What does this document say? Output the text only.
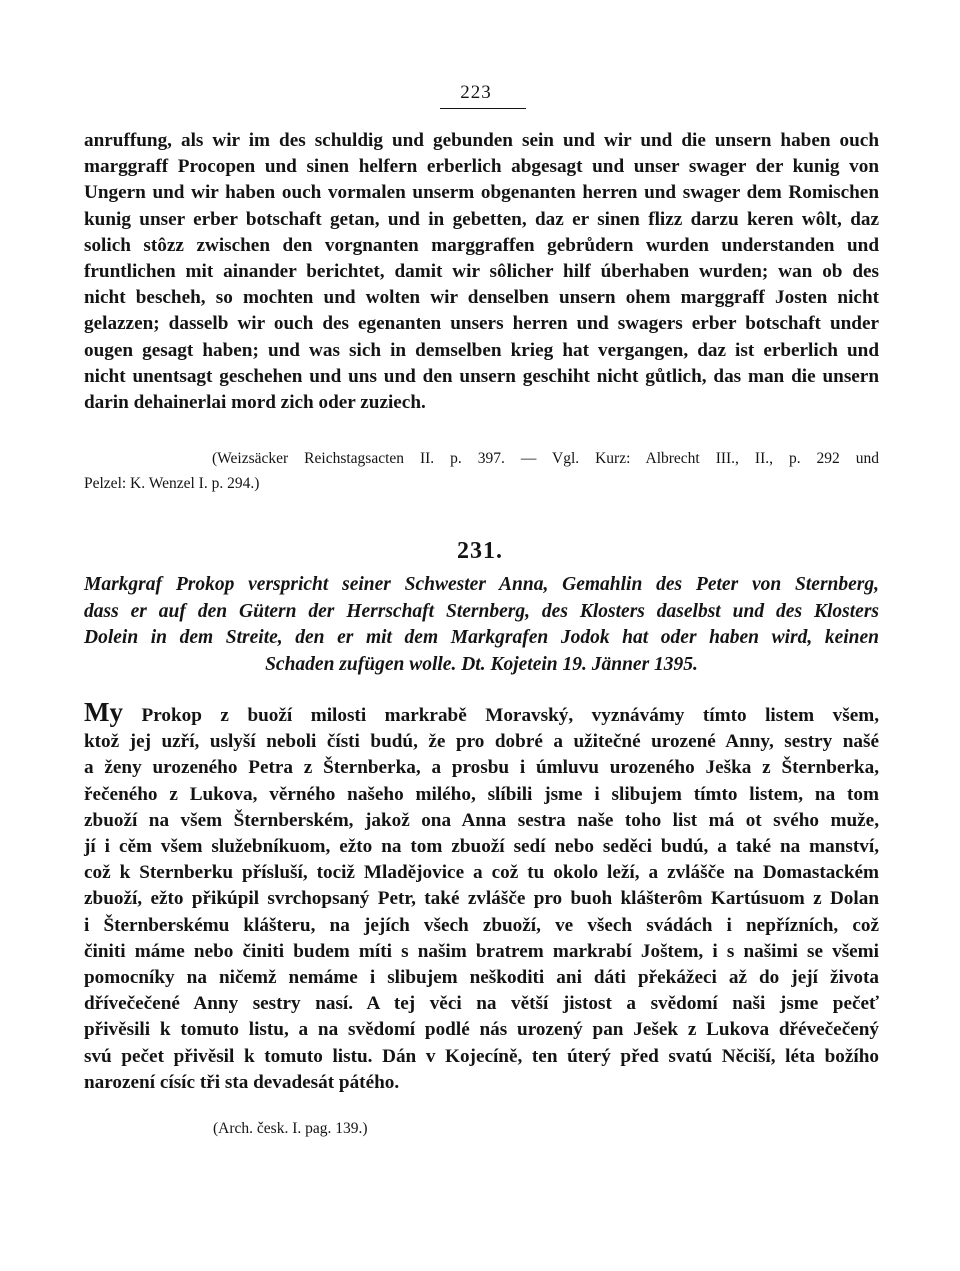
223

anruffung, als wir im des schuldig und gebunden sein und wir und die unsern haben ouch
marggraff Procopen und sinen helfern erberlich abgesagt und unser swager der kunig von
Ungern und wir haben ouch vormalen unserm obgenanten herren und swager dem Romischen
kunig unser erber botschaft getan, und in gebetten, daz er sinen flizz darzu keren wôlt, daz
solich stôzz zwischen den vorgnanten marggraffen gebrůdern wurden understanden und
fruntlichen mit ainander berichtet, damit wir sôlicher hilf úberhaben wurden; wan ob des
nicht bescheh, so mochten und wolten wir denselben unsern ohem marggraff Josten nicht
gelazzen; dasselb wir ouch des egenanten unsers herren und swagers erber botschaft under
ougen gesagt haben; und was sich in demselben krieg hat vergangen, daz ist erberlich und
nicht unentsagt geschehen und uns und den unsern geschiht nicht gůtlich, das man die unsern
darin dehainerlai mord zich oder zuziech.

(Weizsäcker Reichstagsacten II. p. 397. — Vgl. Kurz: Albrecht III., II., p. 292 und
Pelzel: K. Wenzel I. p. 294.)

231.

Markgraf Prokop verspricht seiner Schwester Anna, Gemahlin des Peter von Sternberg,
dass er auf den Gütern der Herrschaft Sternberg, des Klosters daselbst und des Klosters
Dolein in dem Streite, den er mit dem Markgrafen Jodok hat oder haben wird, keinen
Schaden zufügen wolle. Dt. Kojetein 19. Jänner 1395.

My Prokop z buoží milosti markrabě Moravský, vyznávámy tímto listem všem,
ktož jej uzří, uslyší neboli čísti budú, že pro dobré a užitečné urozené Anny, sestry našé
a ženy urozeného Petra z Šternberka, a prosbu i úmluvu urozeného Ješka z Šternberka,
řečeného z Lukova, věrného našeho milého, slíbili jsme i slibujem tímto listem, na tom
zbuoží na všem Šternberském, jakož ona Anna sestra naše toho list má ot svého muže,
jí i cěm všem služebníkuom, ežto na tom zbuoží sedí nebo seděci budú, a také na manství,
což k Sternberku přísluší, tociž Mladějovice a což tu okolo leží, a zvlášče na Domastackém
zbuoží, ežto přikúpil svrchopsaný Petr, také zvlášče pro buoh klášterôm Kartúsuom z Dolan
i Šternberskému klášteru, na jejích všech zbuoží, ve všech svádách i nepřízních, což
činiti máme nebo činiti budem míti s našim bratrem markrabí Joštem, i s našimi se všemi
pomocníky na ničemž nemáme i slibujem neškoditi ani dáti překážeci až do její života
dřívečečené Anny sestry nasí. A tej věci na větší jistost a svědomí naši jsme pečeť
přivěsili k tomuto listu, a na svědomí podlé nás urozený pan Ješek z Lukova dřévečečený
svú pečet přivěsil k tomuto listu. Dán v Kojecíně, ten úterý před svatú Něciší, léta božího
narození císíc tři sta devadesát pátého.

(Arch. česk. I. pag. 139.)
